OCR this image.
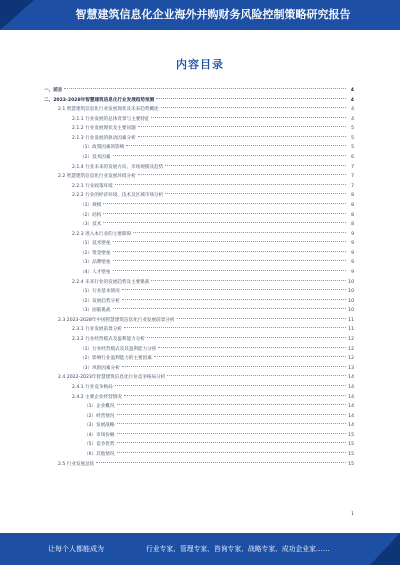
智慧建筑信息化企业海外并购财务风险控制策略研究报告
内容目录
一、前言	4
二、2023-2028年智慧建筑信息化行业发展趋势预测	4
2.1 智慧建筑信息化行业发展现状及未来趋势概述	4
2.1.1 行业发展的总体背景与主要特征	4
2.1.2 行业发展现状及主要问题	5
2.1.3 行业发展的驱动因素分析	5
（1）政策因素的影响	5
（2）技术因素	6
2.1.4 行业未来的发展方向、市场规模及趋势	7
2.2 智慧建筑信息化行业发展环境分析	7
2.2.1 行业政策环境	7
2.2.2 行业的经济环境、技术及区域市场分析	8
（1）规模	8
（2）结构	8
（3）技术	8
2.2.3 进入本行业的主要障碍	9
（1）技术壁垒	9
（2）资金壁垒	9
（3）品牌壁垒	9
（4）人才壁垒	9
2.2.4 未来行业的发展趋势及主要挑战	10
（1）行业基本情况	10
（2）发展趋势分析	10
（3）面临挑战	10
2.3 2023-2028年中国智慧建筑信息化行业发展前景分析	11
2.3.1 行业发展前景分析	11
2.3.2 行业经营模式及盈利能力分析	12
（1）行业经营模式及其盈利能力分析	12
（2）影响行业盈利能力的主要因素	12
（3）风险因素分析	13
2.4 2022-2023年智慧建筑信息化行业竞争格局分析	14
2.4.1 行业竞争格局	14
2.4.2 主要企业经营情况	14
（1）企业概况	14
（2）经营情况	14
（3）发展战略	14
（4）市场份额	15
（5）竞争优势	15
（6）其他情况	15
2.5 行业发展总结	15
1
让每个人都能成为	行业专家、管理专家、咨询专家、战略专家、成功企业家……
